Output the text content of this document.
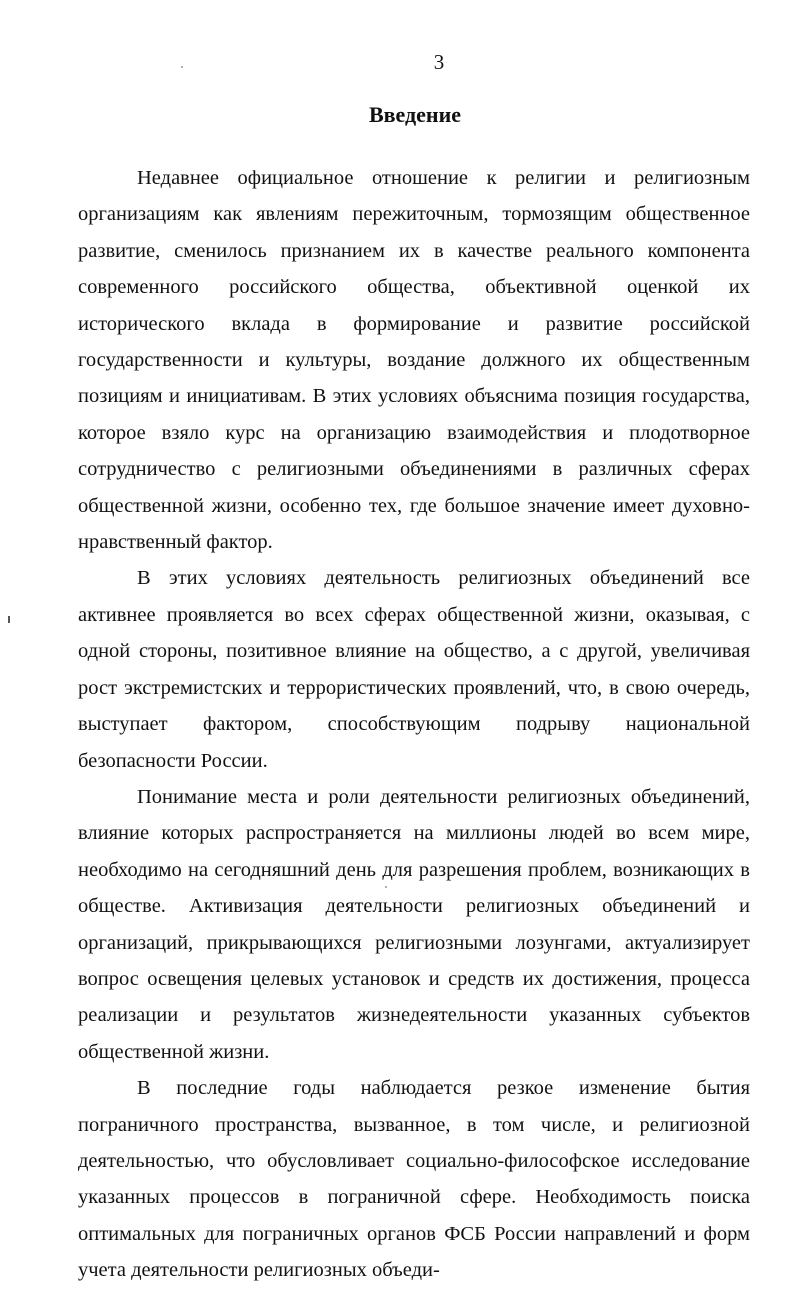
3
Введение

Недавнее официальное отношение к религии и религиозным организациям как явлениям пережиточным, тормозящим общественное развитие, сменилось признанием их в качестве реального компонента современного российского общества, объективной оценкой их исторического вклада в формирование и развитие российской государственности и культуры, воздание должного их общественным позициям и инициативам. В этих условиях объяснима позиция государства, которое взяло курс на организацию взаимодействия и плодотворное сотрудничество с религиозными объединениями в различных сферах общественной жизни, особенно тех, где большое значение имеет духовно-нравственный фактор.

В этих условиях деятельность религиозных объединений все активнее проявляется во всех сферах общественной жизни, оказывая, с одной стороны, позитивное влияние на общество, а с другой, увеличивая рост экстремистских и террористических проявлений, что, в свою очередь, выступает фактором, способствующим подрыву национальной безопасности России.

Понимание места и роли деятельности религиозных объединений, влияние которых распространяется на миллионы людей во всем мире, необходимо на сегодняшний день для разрешения проблем, возникающих в обществе. Активизация деятельности религиозных объединений и организаций, прикрывающихся религиозными лозунгами, актуализирует вопрос освещения целевых установок и средств их достижения, процесса реализации и результатов жизнедеятельности указанных субъектов общественной жизни.

В последние годы наблюдается резкое изменение бытия пограничного пространства, вызванное, в том числе, и религиозной деятельностью, что обусловливает социально-философское исследование указанных процессов в пограничной сфере. Необходимость поиска оптимальных для пограничных органов ФСБ России направлений и форм учета деятельности религиозных объеди-
